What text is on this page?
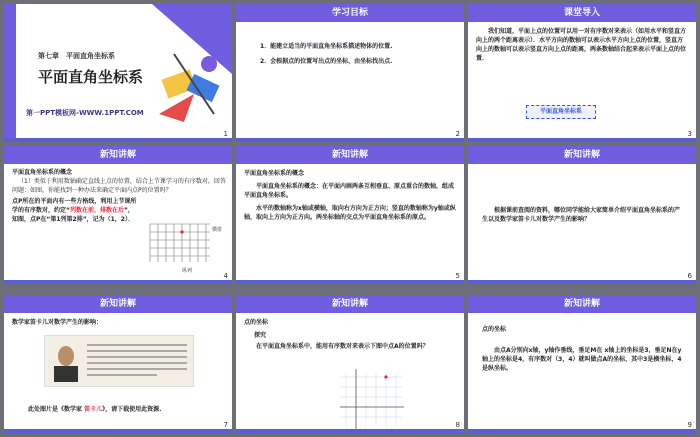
第七章　平面直角坐标系
平面直角坐标系
第一PPT模板网-WWW.1PPT.COM
1
学习目标
1．能建立适当的平面直角坐标系描述物体的位置.
2．会根据点的位置写出点的坐标，由坐标找出点.
2
课堂导入
我们知道，平面上点的位置可以用一对有序数对来表示（如用水平和竖直方向上的两个距离表示）．水平方向的数轴可以表示水平方向上点的位置，竖直方向上的数轴可以表示竖直方向上点的距离，两条数轴结合起来表示平面上点的位置．
平面直角坐标系
3
新知讲解
平面直角坐标系的概念
（1）类似于利用数轴确定直线上点的位置，结合上节课学习的有序数对，回答问题：如图，你能找到一种办法来确定平面内点P的位置吗？
点P所在的平面内有一些方格线，利用上节课所学的有序数对，约定“列数在前，排数在后”，知图，点P在“第1列第2排”，记为（1，2）．
横排
纵列
4
新知讲解
平面直角坐标系的概念
平面直角坐标系的概念：在平面内画两条互相垂直、原点重合的数轴，组成平面直角坐标系。
水平的数轴称为x轴或横轴，取向右方向为正方向；竖直的数轴称为y轴或纵轴，取向上方向为正方向。两坐标轴的交点为平面直角坐标系的原点。
5
新知讲解
根据课前查阅的资料，哪位同学能给大家简单介绍平面直角坐标系的产生以及数学家笛卡儿对数学产生的影响？
6
新知讲解
数学家笛卡儿对数学产生的影响：
此处图片是《数学家 笛卡儿》，请下载使用此资源.
7
新知讲解
点的坐标
探究
在平面直角坐标系中，能用有序数对来表示下图中点A的位置吗？
8
新知讲解
点的坐标
由点A分别向x轴，y轴作垂线，垂足M在 x轴上的坐标是3，垂足N在y轴上的坐标是4，有序数对（3，4）就叫做点A的坐标，其中3是横坐标，4是纵坐标。
9
